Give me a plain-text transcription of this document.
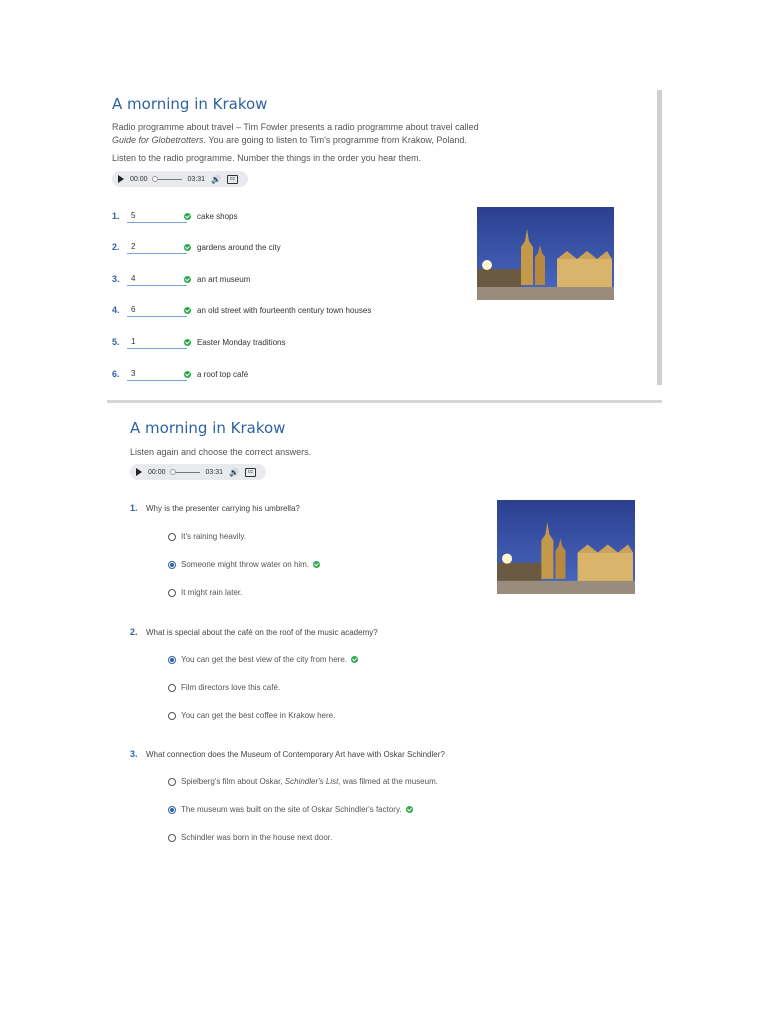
A morning in Krakow

Radio programme about travel – Tim Fowler presents a radio programme about travel called
Guide for Globetrotters. You are going to listen to Tim's programme from Krakow, Poland.

Listen to the radio programme. Number the things in the order you hear them.

00:00	03:31 🔊	cc
1.	5	cake shops
2.	2	gardens around the city
3.	4	an art museum
4.	6	an old street with fourteenth century town houses
5.	1	Easter Monday traditions
6.	3	a roof top café
A morning in Krakow

Listen again and choose the correct answers.

00:00	03:31 🔊	cc
1.	Why is the presenter carrying his umbrella?
It's raining heavily.
Someone might throw water on him.
It might rain later.
2.	What is special about the café on the roof of the music academy?
You can get the best view of the city from here.
Film directors love this café.
You can get the best coffee in Krakow here.
3.	What connection does the Museum of Contemporary Art have with Oskar Schindler?
Spielberg's film about Oskar, Schindler's List, was filmed at the museum.
The museum was built on the site of Oskar Schindler's factory.
Schindler was born in the house next door.
